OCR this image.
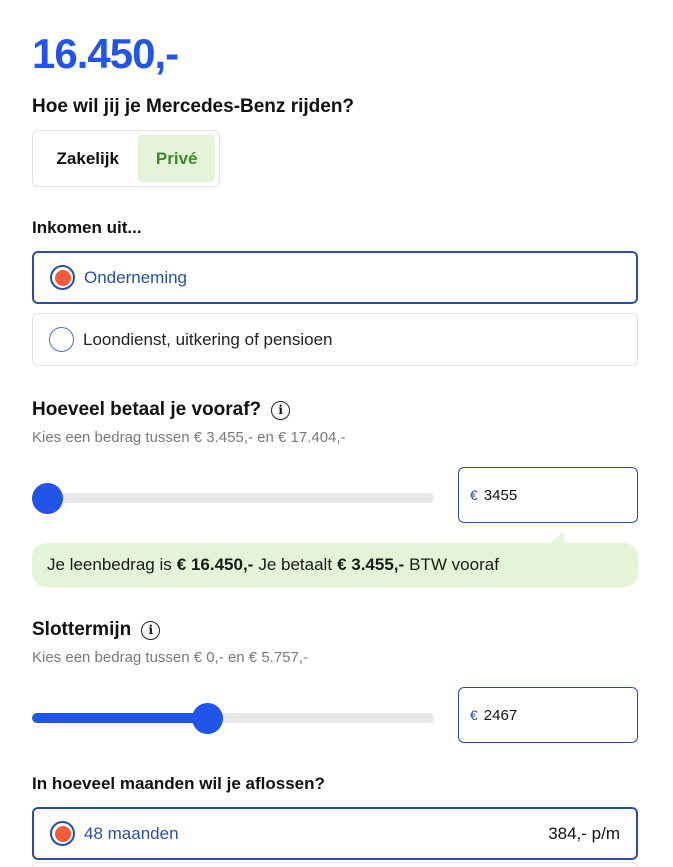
16.450,-
Hoe wil jij je Mercedes-Benz rijden?
Zakelijk	Privé
Inkomen uit...
Onderneming
Loondienst, uitkering of pensioen
Hoeveel betaal je vooraf?	i
Kies een bedrag tussen € 3.455,- en € 17.404,-
€ 3455
Je leenbedrag is € 16.450,- Je betaalt € 3.455,- BTW vooraf
Slottermijn	i
Kies een bedrag tussen € 0,- en € 5.757,-
€ 2467
In hoeveel maanden wil je aflossen?
48 maanden	384,- p/m
